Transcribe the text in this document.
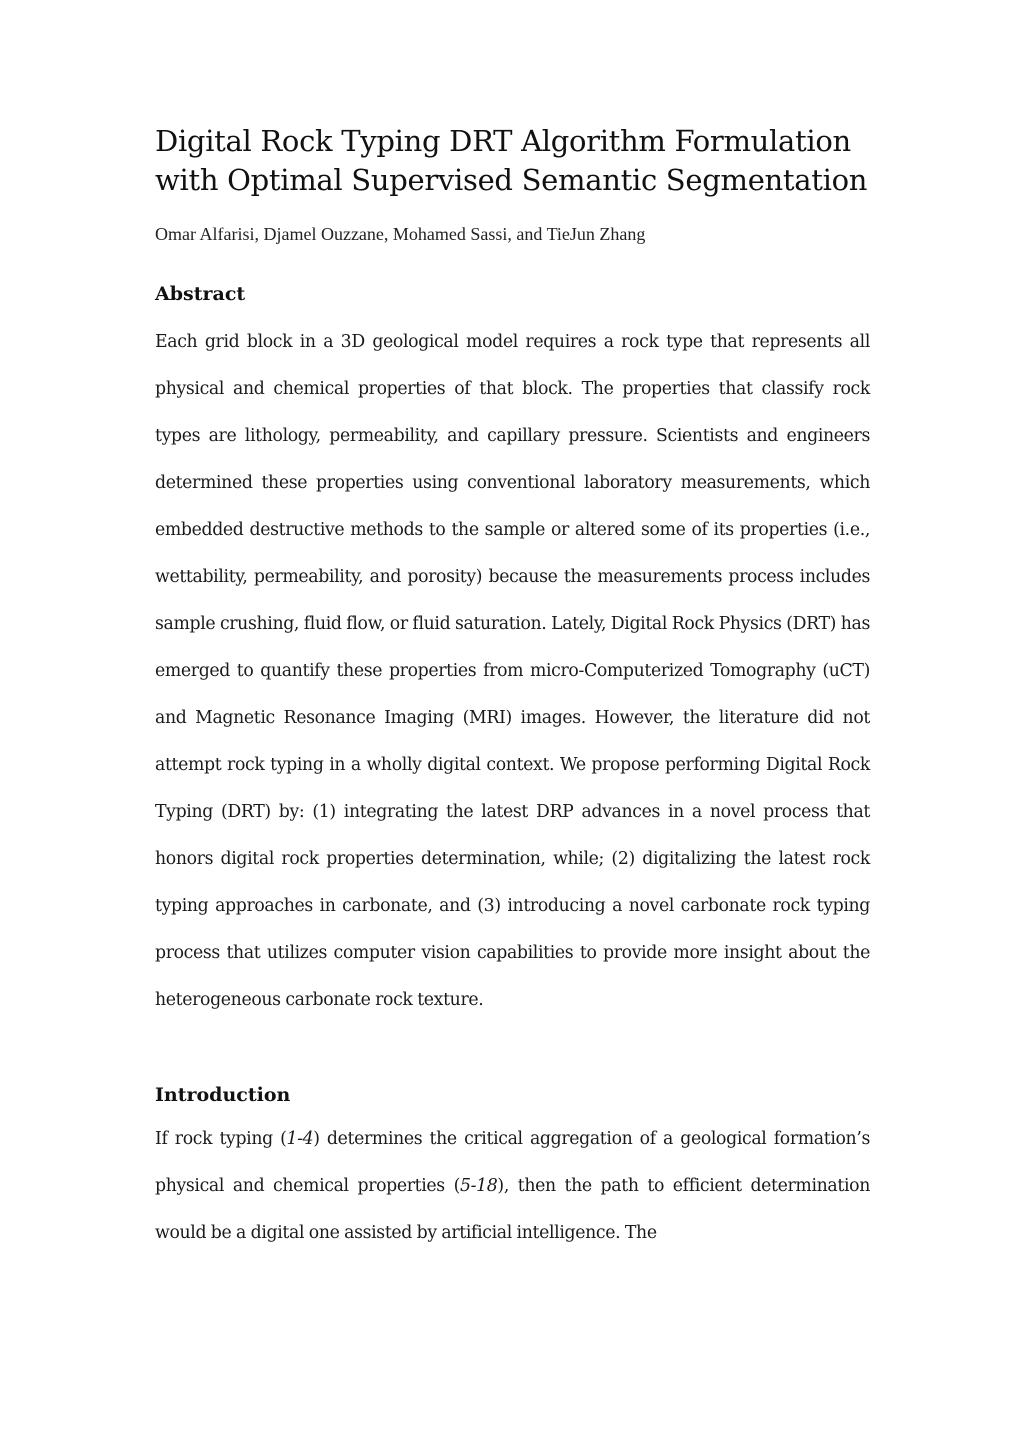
Digital Rock Typing DRT Algorithm Formulation
with Optimal Supervised Semantic Segmentation
Omar Alfarisi, Djamel Ouzzane, Mohamed Sassi, and TieJun Zhang
Abstract

Each grid block in a 3D geological model requires a rock type that represents all physical and chemical properties of that block. The properties that classify rock types are lithology, permeability, and capillary pressure. Scientists and engineers determined these properties using conventional laboratory measurements, which embedded destructive methods to the sample or altered some of its properties (i.e., wettability, permeability, and porosity) because the measurements process includes sample crushing, fluid flow, or fluid saturation. Lately, Digital Rock Physics (DRT) has emerged to quantify these properties from micro-Computerized Tomography (uCT) and Magnetic Resonance Imaging (MRI) images. However, the literature did not attempt rock typing in a wholly digital context. We propose performing Digital Rock Typing (DRT) by: (1) integrating the latest DRP advances in a novel process that honors digital rock properties determination, while; (2) digitalizing the latest rock typing approaches in carbonate, and (3) introducing a novel carbonate rock typing process that utilizes computer vision capabilities to provide more insight about the heterogeneous carbonate rock texture.

Introduction

If rock typing (1-4) determines the critical aggregation of a geological formation’s physical and chemical properties (5-18), then the path to efficient determination would be a digital one assisted by artificial intelligence. The
